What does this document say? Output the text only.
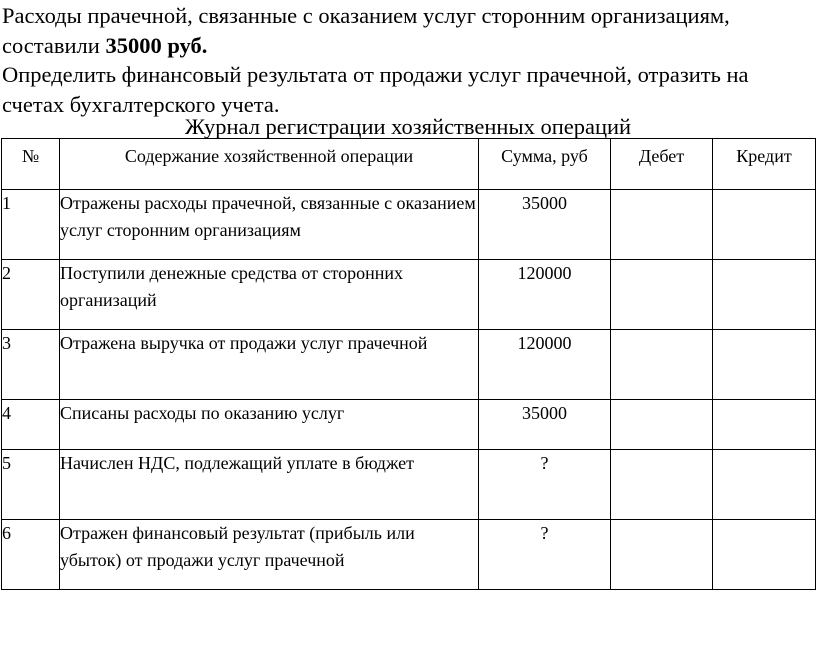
Расходы прачечной, связанные с оказанием услуг сторонним организациям, составили 35000 руб.

Определить финансовый результата от продажи услуг прачечной, отразить на счетах бухгалтерского учета.

Журнал регистрации хозяйственных операций
№	Содержание хозяйственной операции	Сумма, руб	Дебет	Кредит
1	Отражены расходы прачечной, связанные с оказанием услуг сторонним организациям	35000		
2	Поступили денежные средства от сторонних организаций	120000		
3	Отражена выручка от продажи услуг прачечной	120000		
4	Списаны расходы по оказанию услуг	35000		
5	Начислен НДС, подлежащий уплате в бюджет	?		
6	Отражен финансовый результат (прибыль или убыток) от продажи услуг прачечной	?		
